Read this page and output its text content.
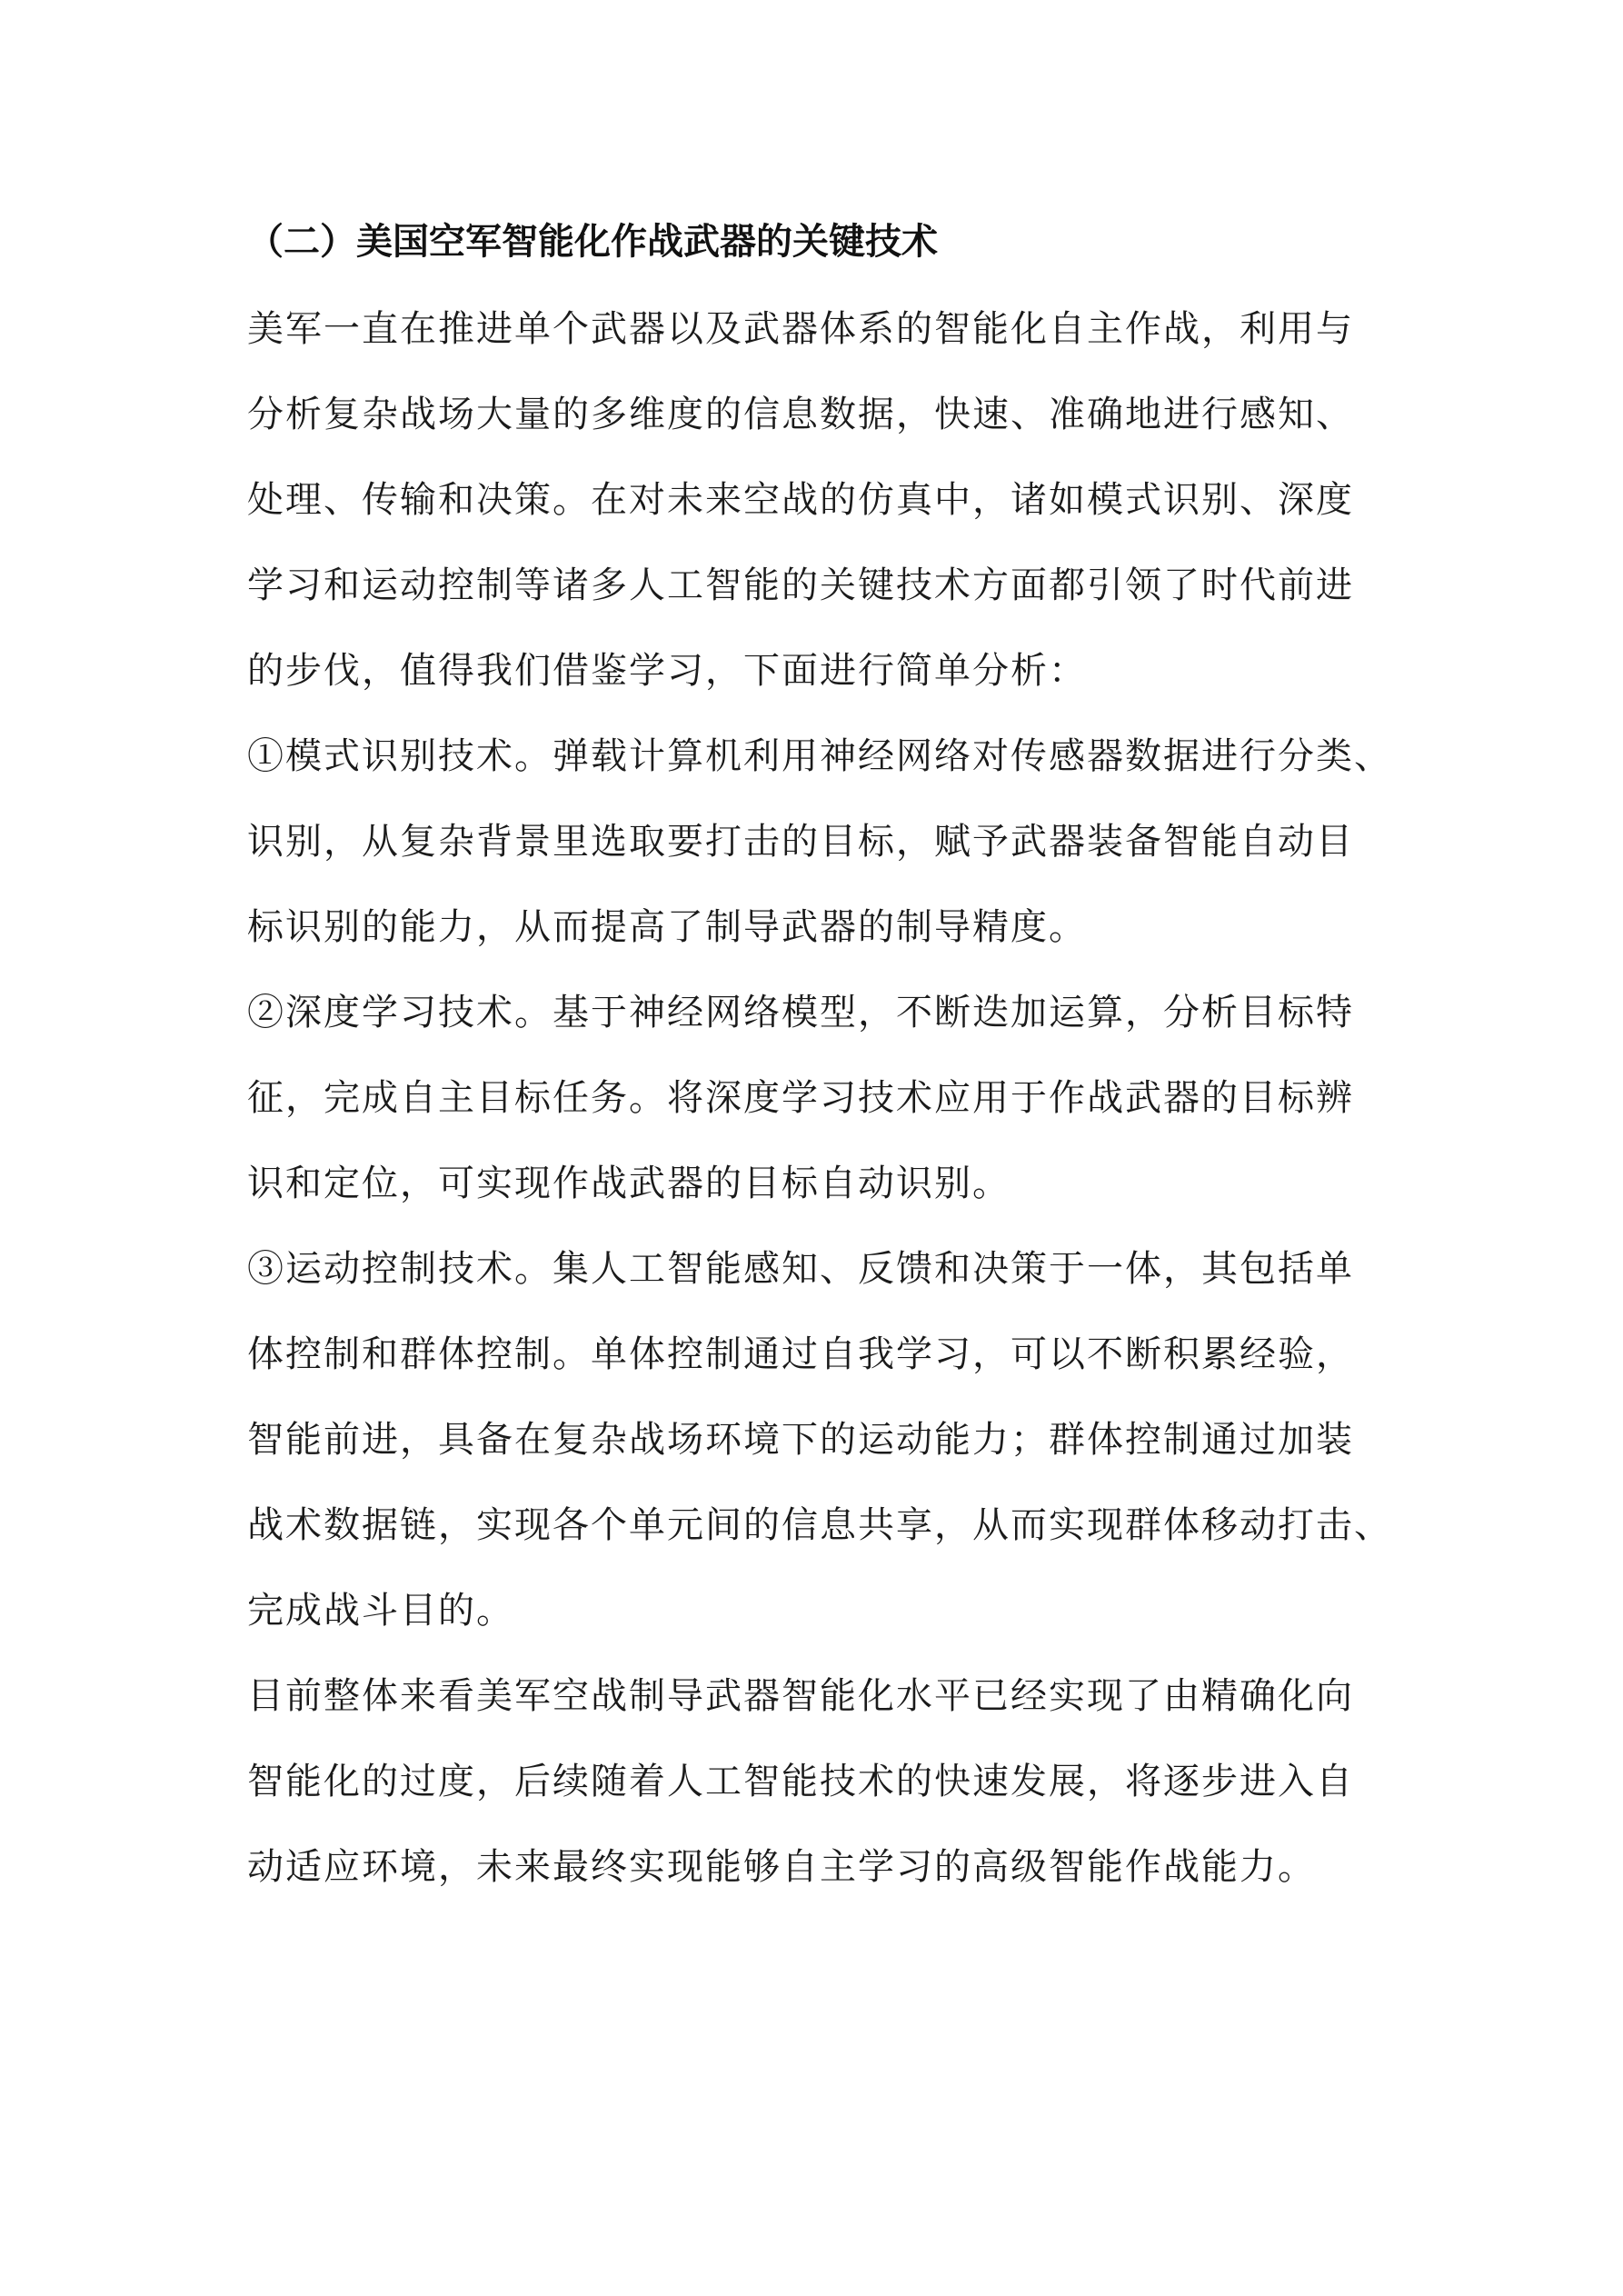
（二）美国空军智能化作战武器的关键技术

美军一直在推进单个武器以及武器体系的智能化自主作战，利用与

分析复杂战场大量的多维度的信息数据，快速、准确地进行感知、

处理、传输和决策。在对未来空战的仿真中，诸如模式识别、深度

学习和运动控制等诸多人工智能的关键技术方面都引领了时代前进

的步伐，值得我们借鉴学习，下面进行简单分析：

①模式识别技术。弹载计算机利用神经网络对传感器数据进行分类、

识别，从复杂背景里选取要打击的目标，赋予武器装备智能自动目

标识别的能力，从而提高了制导武器的制导精度。

②深度学习技术。基于神经网络模型，不断迭加运算，分析目标特

征，完成自主目标任务。将深度学习技术应用于作战武器的目标辨

识和定位，可实现作战武器的目标自动识别。

③运动控制技术。集人工智能感知、反馈和决策于一体，其包括单

体控制和群体控制。单体控制通过自我学习，可以不断积累经验，

智能前进，具备在复杂战场环境下的运动能力；群体控制通过加装

战术数据链，实现各个单元间的信息共享，从而实现群体移动打击、

完成战斗目的。

目前整体来看美军空战制导武器智能化水平已经实现了由精确化向

智能化的过度，后续随着人工智能技术的快速发展，将逐步进入自

动适应环境，未来最终实现能够自主学习的高级智能作战能力。
